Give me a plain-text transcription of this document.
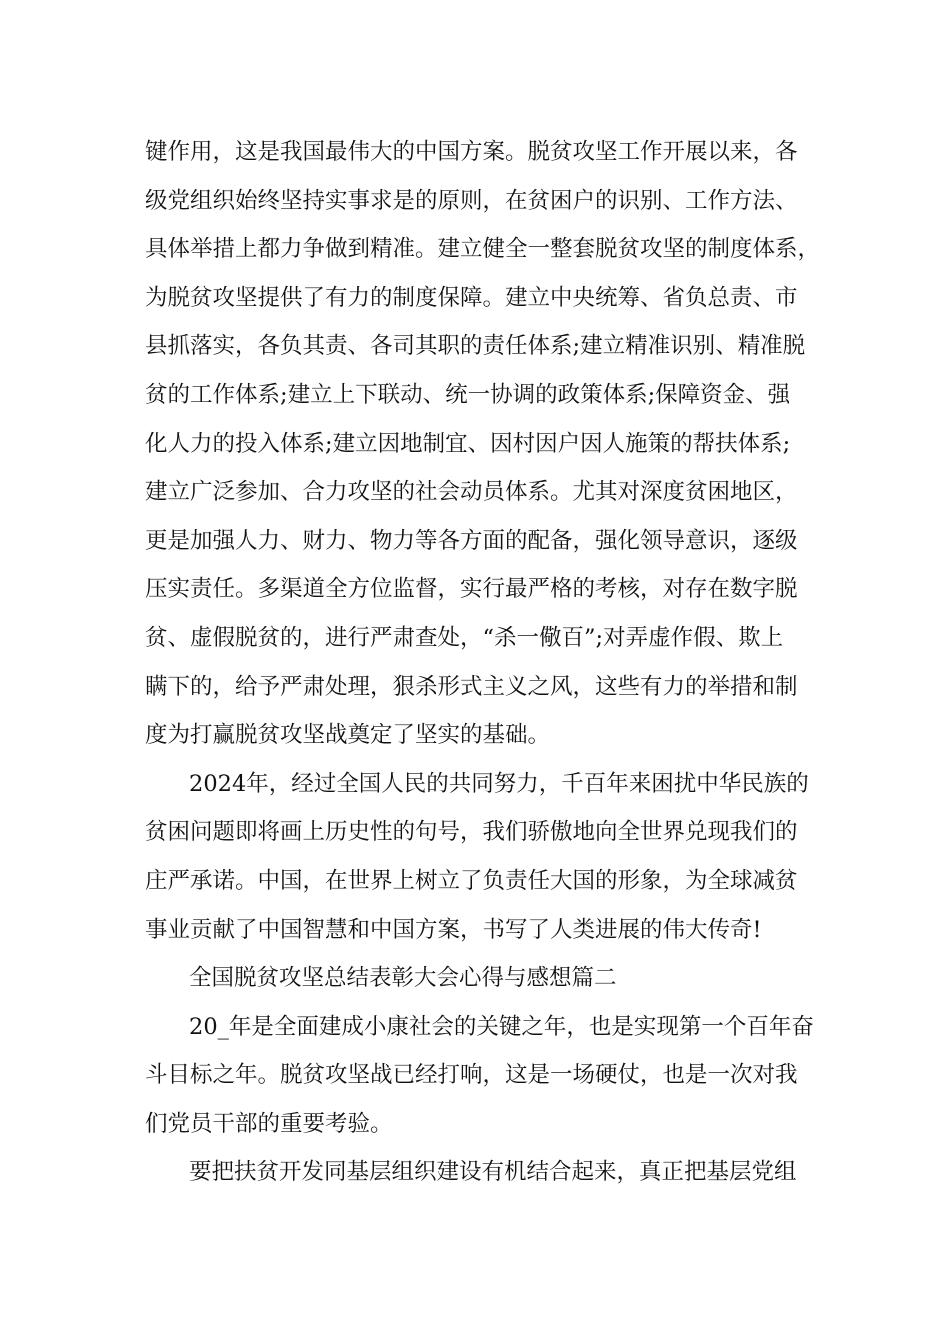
键作用，这是我国最伟大的中国方案。脱贫攻坚工作开展以来，各
级党组织始终坚持实事求是的原则，在贫困户的识别、工作方法、
具体举措上都力争做到精准。建立健全一整套脱贫攻坚的制度体系，
为脱贫攻坚提供了有力的制度保障。建立中央统筹、省负总责、市
县抓落实，各负其责、各司其职的责任体系;建立精准识别、精准脱
贫的工作体系;建立上下联动、统一协调的政策体系;保障资金、强
化人力的投入体系;建立因地制宜、因村因户因人施策的帮扶体系;
建立广泛参加、合力攻坚的社会动员体系。尤其对深度贫困地区，
更是加强人力、财力、物力等各方面的配备，强化领导意识，逐级
压实责任。多渠道全方位监督，实行最严格的考核，对存在数字脱
贫、虚假脱贫的，进行严肃查处，“杀一儆百”;对弄虚作假、欺上
瞒下的，给予严肃处理，狠杀形式主义之风，这些有力的举措和制
度为打赢脱贫攻坚战奠定了坚实的基础。
2024年，经过全国人民的共同努力，千百年来困扰中华民族的
贫困问题即将画上历史性的句号，我们骄傲地向全世界兑现我们的
庄严承诺。中国，在世界上树立了负责任大国的形象，为全球减贫
事业贡献了中国智慧和中国方案，书写了人类进展的伟大传奇!
全国脱贫攻坚总结表彰大会心得与感想篇二
20_年是全面建成小康社会的关键之年，也是实现第一个百年奋
斗目标之年。脱贫攻坚战已经打响，这是一场硬仗，也是一次对我
们党员干部的重要考验。
要把扶贫开发同基层组织建设有机结合起来，真正把基层党组
